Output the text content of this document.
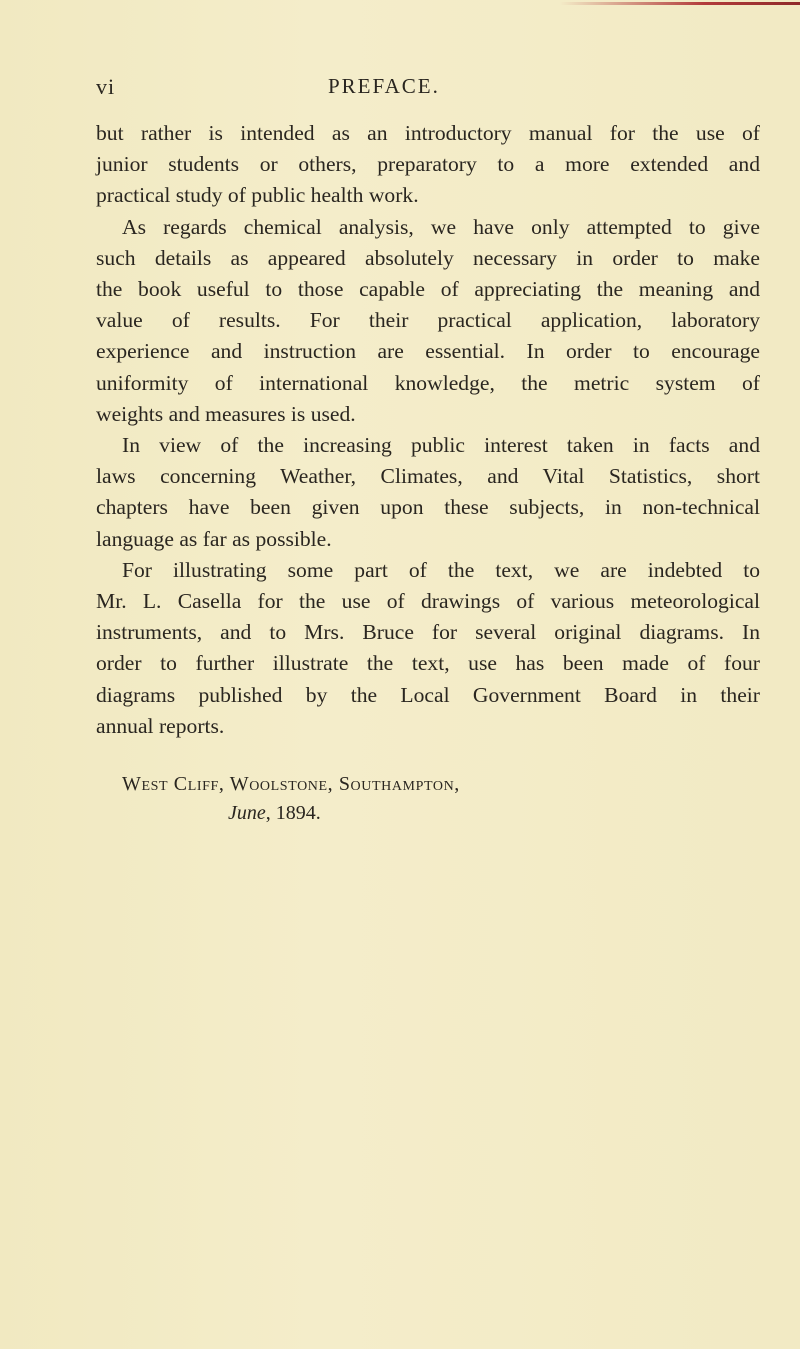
vi	PREFACE.
but rather is intended as an introductory manual for the use of
junior students or others, preparatory to a more extended and
practical study of public health work.
As regards chemical analysis, we have only attempted to give
such details as appeared absolutely necessary in order to make
the book useful to those capable of appreciating the meaning and
value of results. For their practical application, laboratory
experience and instruction are essential. In order to encourage
uniformity of international knowledge, the metric system of
weights and measures is used.
In view of the increasing public interest taken in facts and
laws concerning Weather, Climates, and Vital Statistics, short
chapters have been given upon these subjects, in non-technical
language as far as possible.
For illustrating some part of the text, we are indebted to
Mr. L. Casella for the use of drawings of various meteorological
instruments, and to Mrs. Bruce for several original diagrams. In
order to further illustrate the text, use has been made of four
diagrams published by the Local Government Board in their
annual reports.
West Cliff, Woolstone, Southampton,
June, 1894.
